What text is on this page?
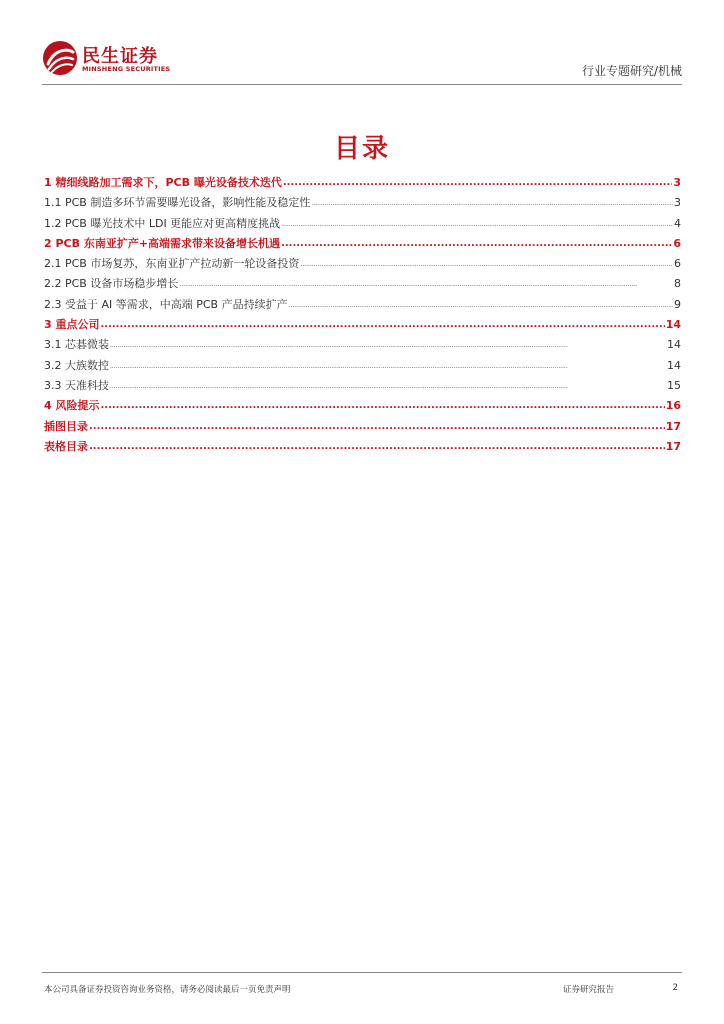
民生证券
MINSHENG SECURITIES	行业专题研究/机械
目录
1 精细线路加工需求下，PCB 曝光设备技术迭代 .....	3
1.1 PCB 制造多环节需要曝光设备，影响性能及稳定性 .....	3
1.2 PCB 曝光技术中 LDI 更能应对更高精度挑战 .....	4
2 PCB 东南亚扩产+高端需求带来设备增长机遇 .....	6
2.1 PCB 市场复苏，东南亚扩产拉动新一轮设备投资 .....	6
2.2 PCB 设备市场稳步增长 .....	8
2.3 受益于 AI 等需求，中高端 PCB 产品持续扩产 .....	9
3 重点公司 .....	14
3.1 芯碁微装 .....	14
3.2 大族数控 .....	14
3.3 天准科技 .....	15
4 风险提示 .....	16
插图目录 .....	17
表格目录 .....	17
本公司具备证券投资咨询业务资格，请务必阅读最后一页免责声明	证券研究报告	2
